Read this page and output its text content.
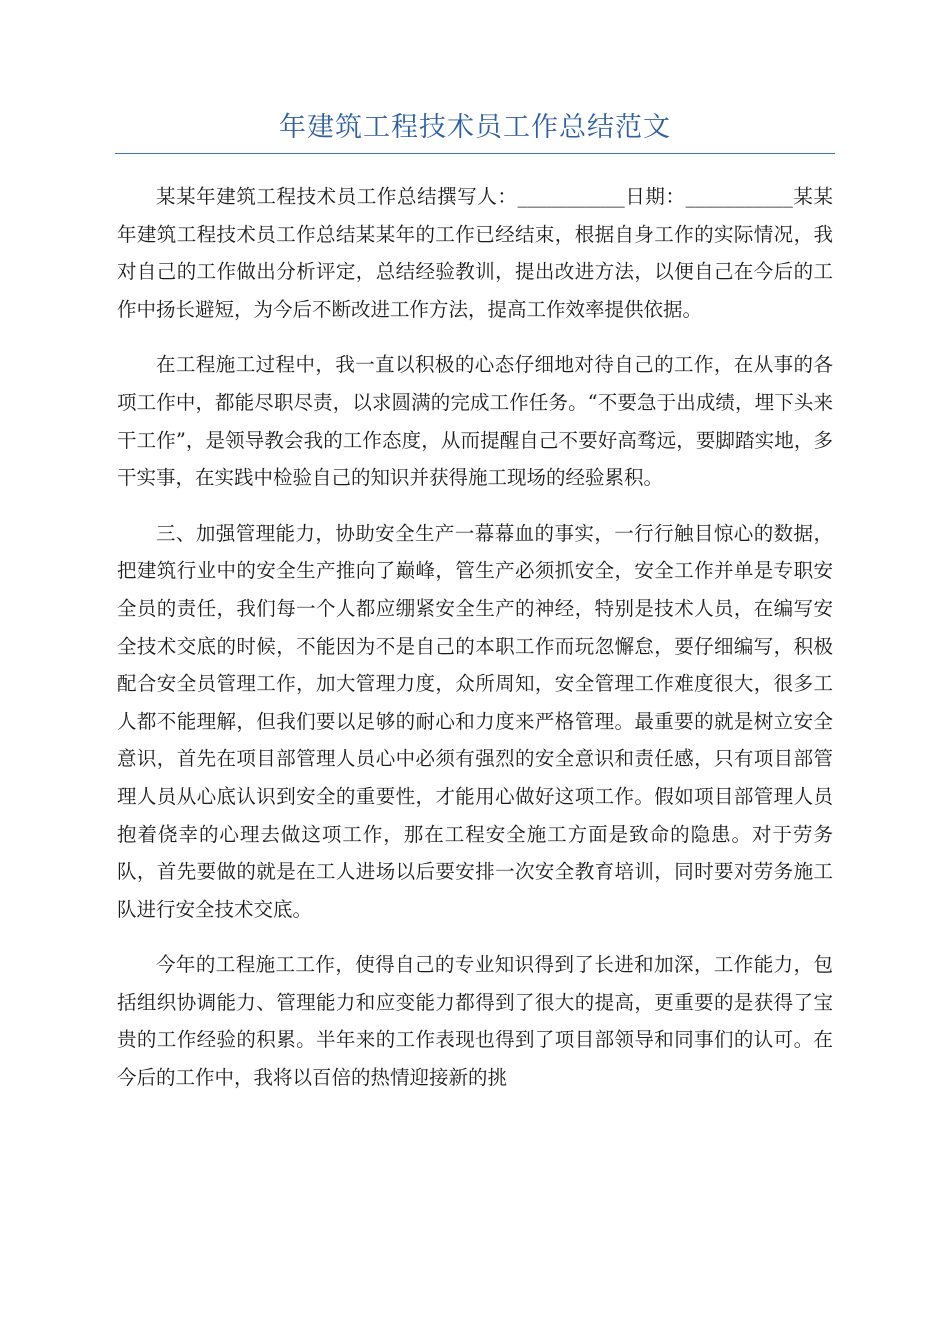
年建筑工程技术员工作总结范文

某某年建筑工程技术员工作总结撰写人：___________日期：___________某某年建筑工程技术员工作总结某某年的工作已经结束，根据自身工作的实际情况，我对自己的工作做出分析评定，总结经验教训，提出改进方法，以便自己在今后的工作中扬长避短，为今后不断改进工作方法，提高工作效率提供依据。

在工程施工过程中，我一直以积极的心态仔细地对待自己的工作，在从事的各项工作中，都能尽职尽责，以求圆满的完成工作任务。“不要急于出成绩，埋下头来干工作”，是领导教会我的工作态度，从而提醒自己不要好高骛远，要脚踏实地，多干实事，在实践中检验自己的知识并获得施工现场的经验累积。

三、加强管理能力，协助安全生产一幕幕血的事实，一行行触目惊心的数据，把建筑行业中的安全生产推向了巅峰，管生产必须抓安全，安全工作并单是专职安全员的责任，我们每一个人都应绷紧安全生产的神经，特别是技术人员，在编写安全技术交底的时候，不能因为不是自己的本职工作而玩忽懈怠，要仔细编写，积极配合安全员管理工作，加大管理力度，众所周知，安全管理工作难度很大，很多工人都不能理解，但我们要以足够的耐心和力度来严格管理。最重要的就是树立安全意识，首先在项目部管理人员心中必须有强烈的安全意识和责任感，只有项目部管理人员从心底认识到安全的重要性，才能用心做好这项工作。假如项目部管理人员抱着侥幸的心理去做这项工作，那在工程安全施工方面是致命的隐患。对于劳务队，首先要做的就是在工人进场以后要安排一次安全教育培训，同时要对劳务施工队进行安全技术交底。

今年的工程施工工作，使得自己的专业知识得到了长进和加深，工作能力，包括组织协调能力、管理能力和应变能力都得到了很大的提高，更重要的是获得了宝贵的工作经验的积累。半年来的工作表现也得到了项目部领导和同事们的认可。在今后的工作中，我将以百倍的热情迎接新的挑
